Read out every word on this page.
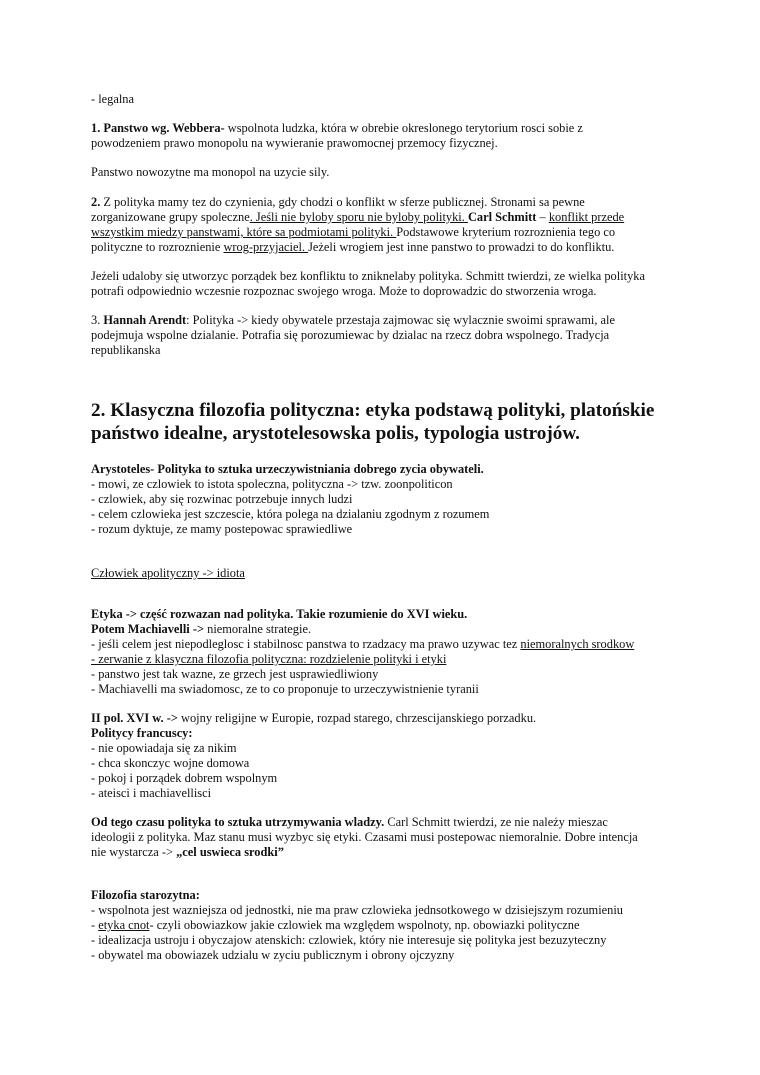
- legalna

1. Panstwo wg. Webbera- wspolnota ludzka, która w obrebie okreslonego terytorium rosci sobie z

powodzeniem prawo monopolu na wywieranie prawomocnej przemocy fizycznej.

Panstwo nowozytne ma monopol na uzycie sily.

2. Z polityka mamy tez do czynienia, gdy chodzi o konflikt w sferze publicznej. Stronami sa pewne

zorganizowane grupy spoleczne. Jeśli nie byloby sporu nie byloby polityki. Carl Schmitt – konflikt przede

wszystkim miedzy panstwami, które sa podmiotami polityki. Podstawowe kryterium rozroznienia tego co

polityczne to rozroznienie wrog-przyjaciel. Jeżeli wrogiem jest inne panstwo to prowadzi to do konfliktu.

Jeżeli udaloby się utworzyc porządek bez konfliktu to zniknelaby polityka. Schmitt twierdzi, ze wielka polityka

potrafi odpowiednio wczesnie rozpoznac swojego wroga. Może to doprowadzic do stworzenia wroga.

3. Hannah Arendt: Polityka -> kiedy obywatele przestaja zajmowac się wylacznie swoimi sprawami, ale

podejmuja wspolne dzialanie. Potrafia się porozumiewac by dzialac na rzecz dobra wspolnego. Tradycja

republikanska

2. Klasyczna filozofia polityczna: etyka podstawą polityki, platońskie

państwo idealne, arystotelesowska polis, typologia ustrojów.

Arystoteles- Polityka to sztuka urzeczywistniania dobrego zycia obywateli.

- mowi, ze czlowiek to istota spoleczna, polityczna -> tzw. zoonpoliticon

- czlowiek, aby się rozwinac potrzebuje innych ludzi

- celem czlowieka jest szczescie, która polega na dzialaniu zgodnym z rozumem

- rozum dyktuje, ze mamy postepowac sprawiedliwe

Człowiek apolityczny -> idiota

Etyka -> część rozwazan nad polityka. Takie rozumienie do XVI wieku.

Potem Machiavelli -> niemoralne strategie.

- jeśli celem jest niepodleglosc i stabilnosc panstwa to rzadzacy ma prawo uzywac tez niemoralnych srodkow

- zerwanie z klasyczna filozofia polityczna: rozdzielenie polityki i etyki

- panstwo jest tak wazne, ze grzech jest usprawiedliwiony

- Machiavelli ma swiadomosc, ze to co proponuje to urzeczywistnienie tyranii

II pol. XVI w. -> wojny religijne w Europie, rozpad starego, chrzescijanskiego porzadku.

Politycy francuscy:

- nie opowiadaja się za nikim

- chca skonczyc wojne domowa

- pokoj i porządek dobrem wspolnym

- ateisci i machiavellisci

Od tego czasu polityka to sztuka utrzymywania wladzy. Carl Schmitt twierdzi, ze nie należy mieszac

ideologii z polityka. Maz stanu musi wyzbyc się etyki. Czasami musi postepowac niemoralnie. Dobre intencja

nie wystarcza -> „cel uswieca srodki”

Filozofia starozytna:

- wspolnota jest wazniejsza od jednostki, nie ma praw czlowieka jednsotkowego w dzisiejszym rozumieniu

- etyka cnot- czyli obowiazkow jakie czlowiek ma względem wspolnoty, np. obowiazki polityczne

- idealizacja ustroju i obyczajow atenskich: czlowiek, który nie interesuje się polityka jest bezuzyteczny

- obywatel ma obowiazek udzialu w zyciu publicznym i obrony ojczyzny
